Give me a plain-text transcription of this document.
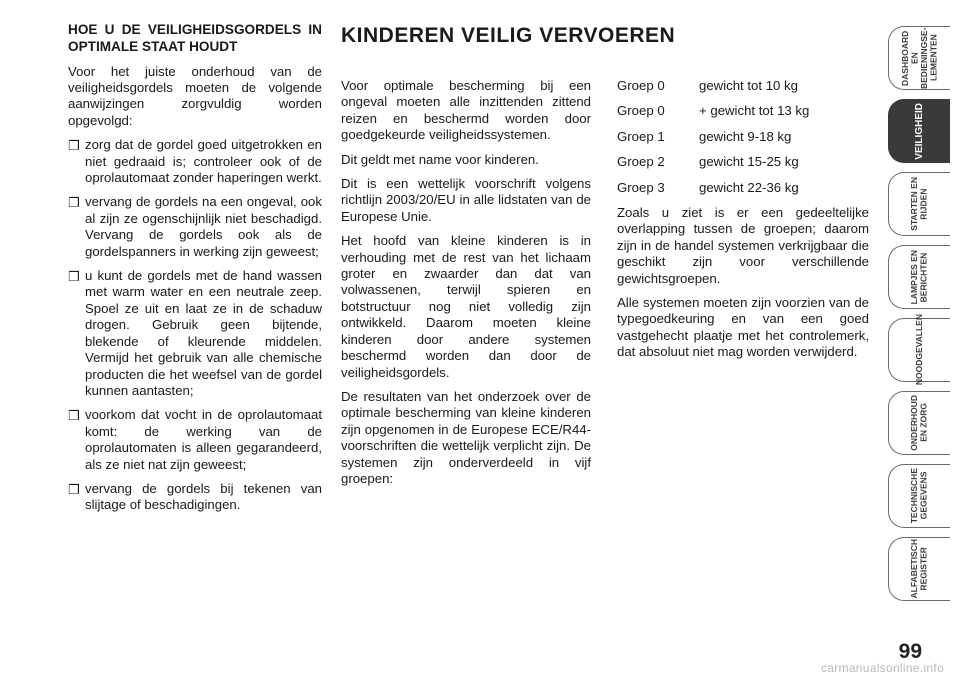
HOE U DE VEILIGHEIDSGORDELS IN OPTIMALE STAAT HOUDT

Voor het juiste onderhoud van de veiligheidsgordels moeten de volgende aanwijzingen zorgvuldig worden opgevolgd:

❒ zorg dat de gordel goed uitgetrokken en niet gedraaid is; controleer ook of de oprolautomaat zonder haperingen werkt.
❒ vervang de gordels na een ongeval, ook al zijn ze ogenschijnlijk niet beschadigd. Vervang de gordels ook als de gordelspanners in werking zijn geweest;
❒ u kunt de gordels met de hand wassen met warm water en een neutrale zeep. Spoel ze uit en laat ze in de schaduw drogen. Gebruik geen bijtende, blekende of kleurende middelen. Vermijd het gebruik van alle chemische producten die het weefsel van de gordel kunnen aantasten;
❒ voorkom dat vocht in de oprolautomaat komt: de werking van de oprolautomaten is alleen gegarandeerd, als ze niet nat zijn geweest;
❒ vervang de gordels bij tekenen van slijtage of beschadigingen.
KINDEREN VEILIG VERVOEREN

Voor optimale bescherming bij een ongeval moeten alle inzittenden zittend reizen en beschermd worden door goedgekeurde veiligheidssystemen.

Dit geldt met name voor kinderen.

Dit is een wettelijk voorschrift volgens richtlijn 2003/20/EU in alle lidstaten van de Europese Unie.

Het hoofd van kleine kinderen is in verhouding met de rest van het lichaam groter en zwaarder dan dat van volwassenen, terwijl spieren en botstructuur nog niet volledig zijn ontwikkeld. Daarom moeten kleine kinderen door andere systemen beschermd worden dan door de veiligheidsgordels.

De resultaten van het onderzoek over de optimale bescherming van kleine kinderen zijn opgenomen in de Europese ECE/R44-voorschriften die wettelijk verplicht zijn. De systemen zijn onderverdeeld in vijf groepen:

Groep 0	gewicht tot 10 kg
Groep 0	+ gewicht tot 13 kg
Groep 1	gewicht 9-18 kg
Groep 2	gewicht 15-25 kg
Groep 3	gewicht 22-36 kg

Zoals u ziet is er een gedeeltelijke overlapping tussen de groepen; daarom zijn in de handel systemen verkrijgbaar die geschikt zijn voor verschillende gewichtsgroepen.

Alle systemen moeten zijn voorzien van de typegoedkeuring en van een goed vastgehecht plaatje met het controlemerk, dat absoluut niet mag worden verwijderd.

DASHBOARD EN
BEDIENINGSE-
LEMENTEN
VEILIGHEID
STARTEN EN
RIJDEN
LAMPJES EN
BERICHTEN
NOODGEVALLEN
ONDERHOUD
EN ZORG
TECHNISCHE
GEGEVENS
ALFABETISCH
REGISTER
99
carmanualsonline.info
